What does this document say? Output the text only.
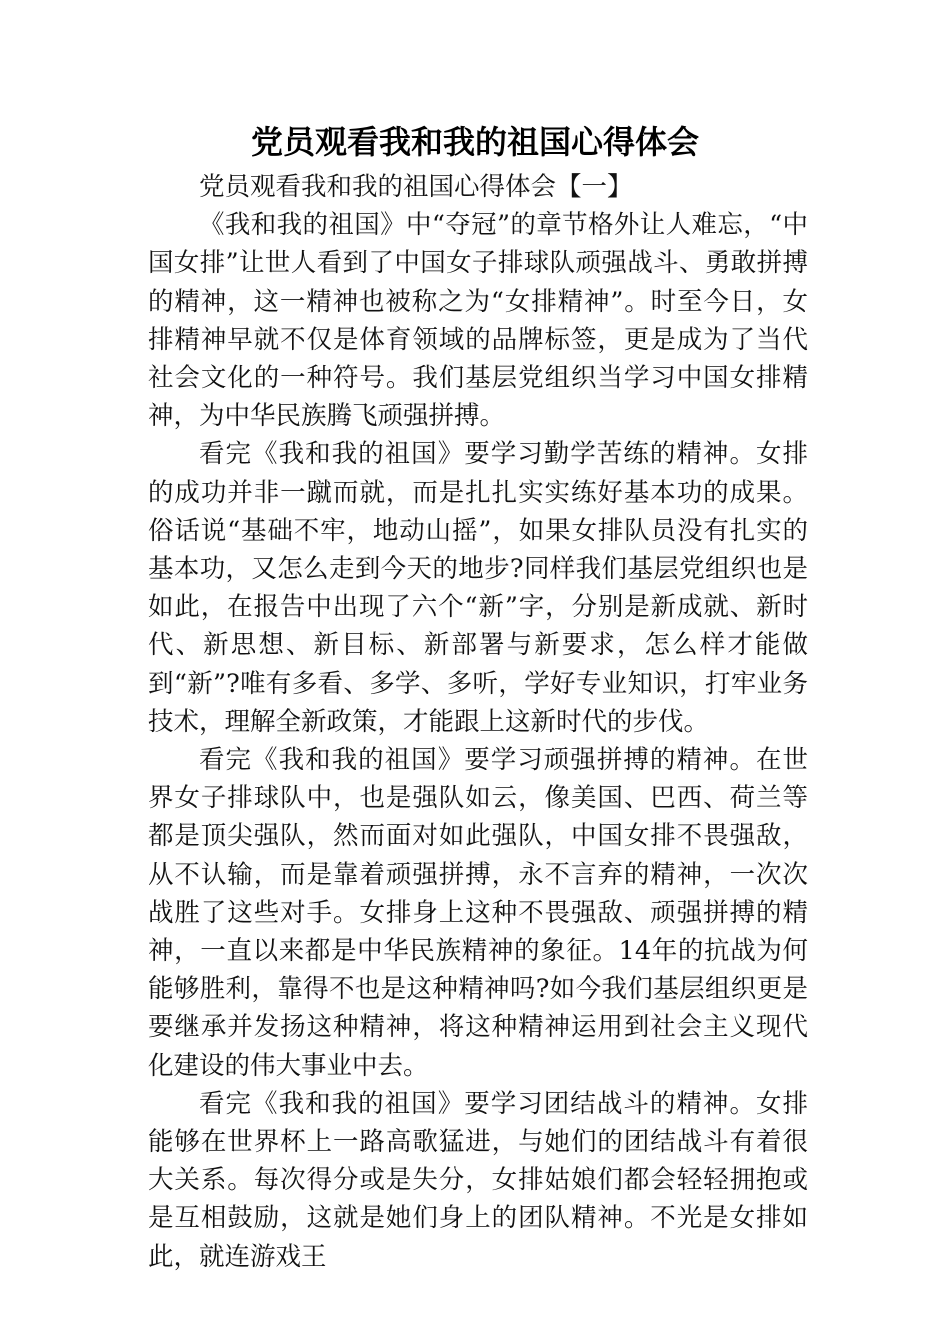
党员观看我和我的祖国心得体会

党员观看我和我的祖国心得体会【一】

《我和我的祖国》中“夺冠”的章节格外让人难忘，“中国女排”让世人看到了中国女子排球队顽强战斗、勇敢拼搏的精神，这一精神也被称之为“女排精神”。时至今日，女排精神早就不仅是体育领域的品牌标签，更是成为了当代社会文化的一种符号。我们基层党组织当学习中国女排精神，为中华民族腾飞顽强拼搏。

看完《我和我的祖国》要学习勤学苦练的精神。女排的成功并非一蹴而就，而是扎扎实实练好基本功的成果。俗话说“基础不牢，地动山摇”，如果女排队员没有扎实的基本功，又怎么走到今天的地步?同样我们基层党组织也是如此，在报告中出现了六个“新”字，分别是新成就、新时代、新思想、新目标、新部署与新要求，怎么样才能做到“新”?唯有多看、多学、多听，学好专业知识，打牢业务技术，理解全新政策，才能跟上这新时代的步伐。

看完《我和我的祖国》要学习顽强拼搏的精神。在世界女子排球队中，也是强队如云，像美国、巴西、荷兰等都是顶尖强队，然而面对如此强队，中国女排不畏强敌，从不认输，而是靠着顽强拼搏，永不言弃的精神，一次次战胜了这些对手。女排身上这种不畏强敌、顽强拼搏的精神，一直以来都是中华民族精神的象征。14年的抗战为何能够胜利，靠得不也是这种精神吗?如今我们基层组织更是要继承并发扬这种精神，将这种精神运用到社会主义现代化建设的伟大事业中去。

看完《我和我的祖国》要学习团结战斗的精神。女排能够在世界杯上一路高歌猛进，与她们的团结战斗有着很大关系。每次得分或是失分，女排姑娘们都会轻轻拥抱或是互相鼓励，这就是她们身上的团队精神。不光是女排如此，就连游戏王
